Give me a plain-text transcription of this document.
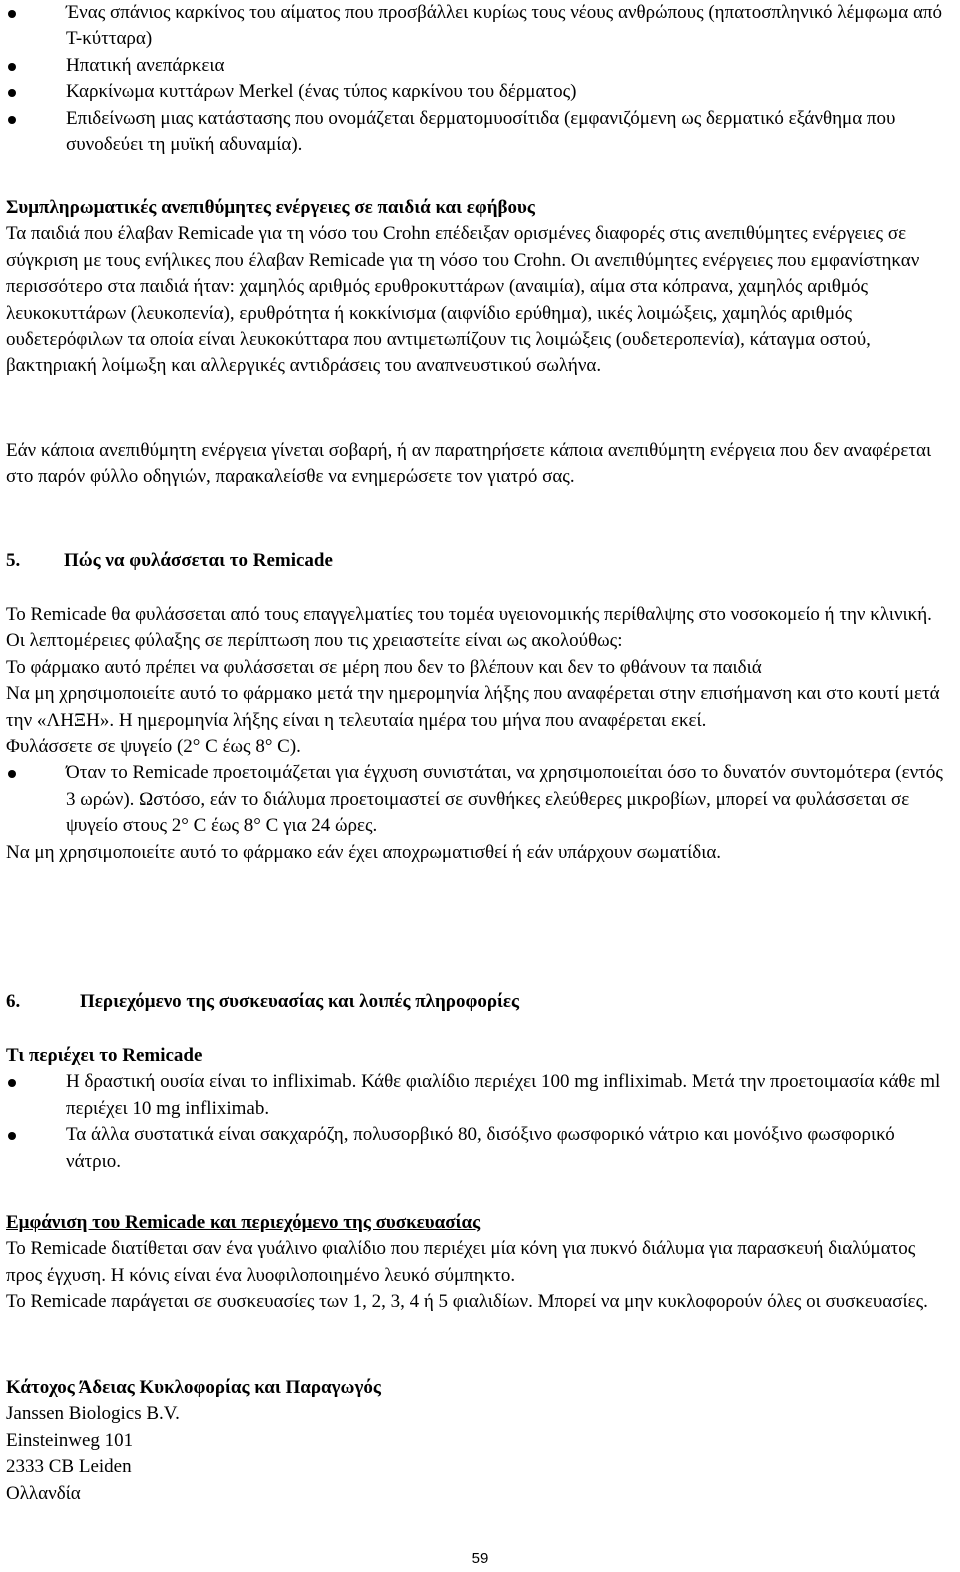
Ένας σπάνιος καρκίνος του αίματος που προσβάλλει κυρίως τους νέους ανθρώπους (ηπατοσπληνικό λέμφωμα από Τ-κύτταρα)
Ηπατική ανεπάρκεια
Καρκίνωμα κυττάρων Merkel (ένας τύπος καρκίνου του δέρματος)
Επιδείνωση μιας κατάστασης που ονομάζεται δερματομυοσίτιδα (εμφανιζόμενη ως δερματικό εξάνθημα που συνοδεύει τη μυϊκή αδυναμία).
Συμπληρωματικές ανεπιθύμητες ενέργειες σε παιδιά και εφήβους
Τα παιδιά που έλαβαν Remicade για τη νόσο του Crohn επέδειξαν ορισμένες διαφορές στις ανεπιθύμητες ενέργειες σε σύγκριση με τους ενήλικες που έλαβαν Remicade για τη νόσο του Crohn. Οι ανεπιθύμητες ενέργειες που εμφανίστηκαν περισσότερο στα παιδιά ήταν: χαμηλός αριθμός ερυθροκυττάρων (αναιμία), αίμα στα κόπρανα, χαμηλός αριθμός λευκοκυττάρων (λευκοπενία), ερυθρότητα ή κοκκίνισμα (αιφνίδιο ερύθημα), ιικές λοιμώξεις, χαμηλός αριθμός ουδετερόφιλων τα οποία είναι λευκοκύτταρα που αντιμετωπίζουν τις λοιμώξεις (ουδετεροπενία), κάταγμα οστού, βακτηριακή λοίμωξη και αλλεργικές αντιδράσεις του αναπνευστικού σωλήνα.
Εάν κάποια ανεπιθύμητη ενέργεια γίνεται σοβαρή, ή αν παρατηρήσετε κάποια ανεπιθύμητη ενέργεια που δεν αναφέρεται στο παρόν φύλλο οδηγιών, παρακαλείσθε να ενημερώσετε τον γιατρό σας.
5. Πώς να φυλάσσεται το Remicade
Το Remicade θα φυλάσσεται από τους επαγγελματίες του τομέα υγειονομικής περίθαλψης στο νοσοκομείο ή την κλινική. Οι λεπτομέρειες φύλαξης σε περίπτωση που τις χρειαστείτε είναι ως ακολούθως:
Το φάρμακο αυτό πρέπει να φυλάσσεται σε μέρη που δεν το βλέπουν και δεν το φθάνουν τα παιδιά
Να μη χρησιμοποιείτε αυτό το φάρμακο μετά την ημερομηνία λήξης που αναφέρεται στην επισήμανση και στο κουτί μετά την «ΛΗΞΗ». Η ημερομηνία λήξης είναι η τελευταία ημέρα του μήνα που αναφέρεται εκεί.
Φυλάσσετε σε ψυγείο (2° C έως 8° C).
Όταν το Remicade προετοιμάζεται για έγχυση συνιστάται, να χρησιμοποιείται όσο το δυνατόν συντομότερα (εντός 3 ωρών). Ωστόσο, εάν το διάλυμα προετοιμαστεί σε συνθήκες ελεύθερες μικροβίων, μπορεί να φυλάσσεται σε ψυγείο στους 2° C έως 8° C για 24 ώρες.
Να μη χρησιμοποιείτε αυτό το φάρμακο εάν έχει αποχρωματισθεί ή εάν υπάρχουν σωματίδια.
6.	Περιεχόμενο της συσκευασίας και λοιπές πληροφορίες
Τι περιέχει το Remicade
Η δραστική ουσία είναι το infliximab. Κάθε φιαλίδιο περιέχει 100 mg infliximab. Μετά την προετοιμασία κάθε ml περιέχει 10 mg infliximab.
Τα άλλα συστατικά είναι σακχαρόζη, πολυσορβικό 80, δισόξινο φωσφορικό νάτριο και μονόξινο φωσφορικό νάτριο.
Εμφάνιση του Remicade και περιεχόμενο της συσκευασίας
Το Remicade διατίθεται σαν ένα γυάλινο φιαλίδιο που περιέχει μία κόνη για πυκνό διάλυμα για παρασκευή διαλύματος προς έγχυση. Η κόνις είναι ένα λυοφιλοποιημένο λευκό σύμπηκτο.
Το Remicade παράγεται σε συσκευασίες των 1, 2, 3, 4 ή 5 φιαλιδίων. Μπορεί να μην κυκλοφορούν όλες οι συσκευασίες.
Κάτοχος Άδειας Κυκλοφορίας και Παραγωγός
Janssen Biologics B.V.
Einsteinweg 101
2333 CB Leiden
Ολλανδία
59
